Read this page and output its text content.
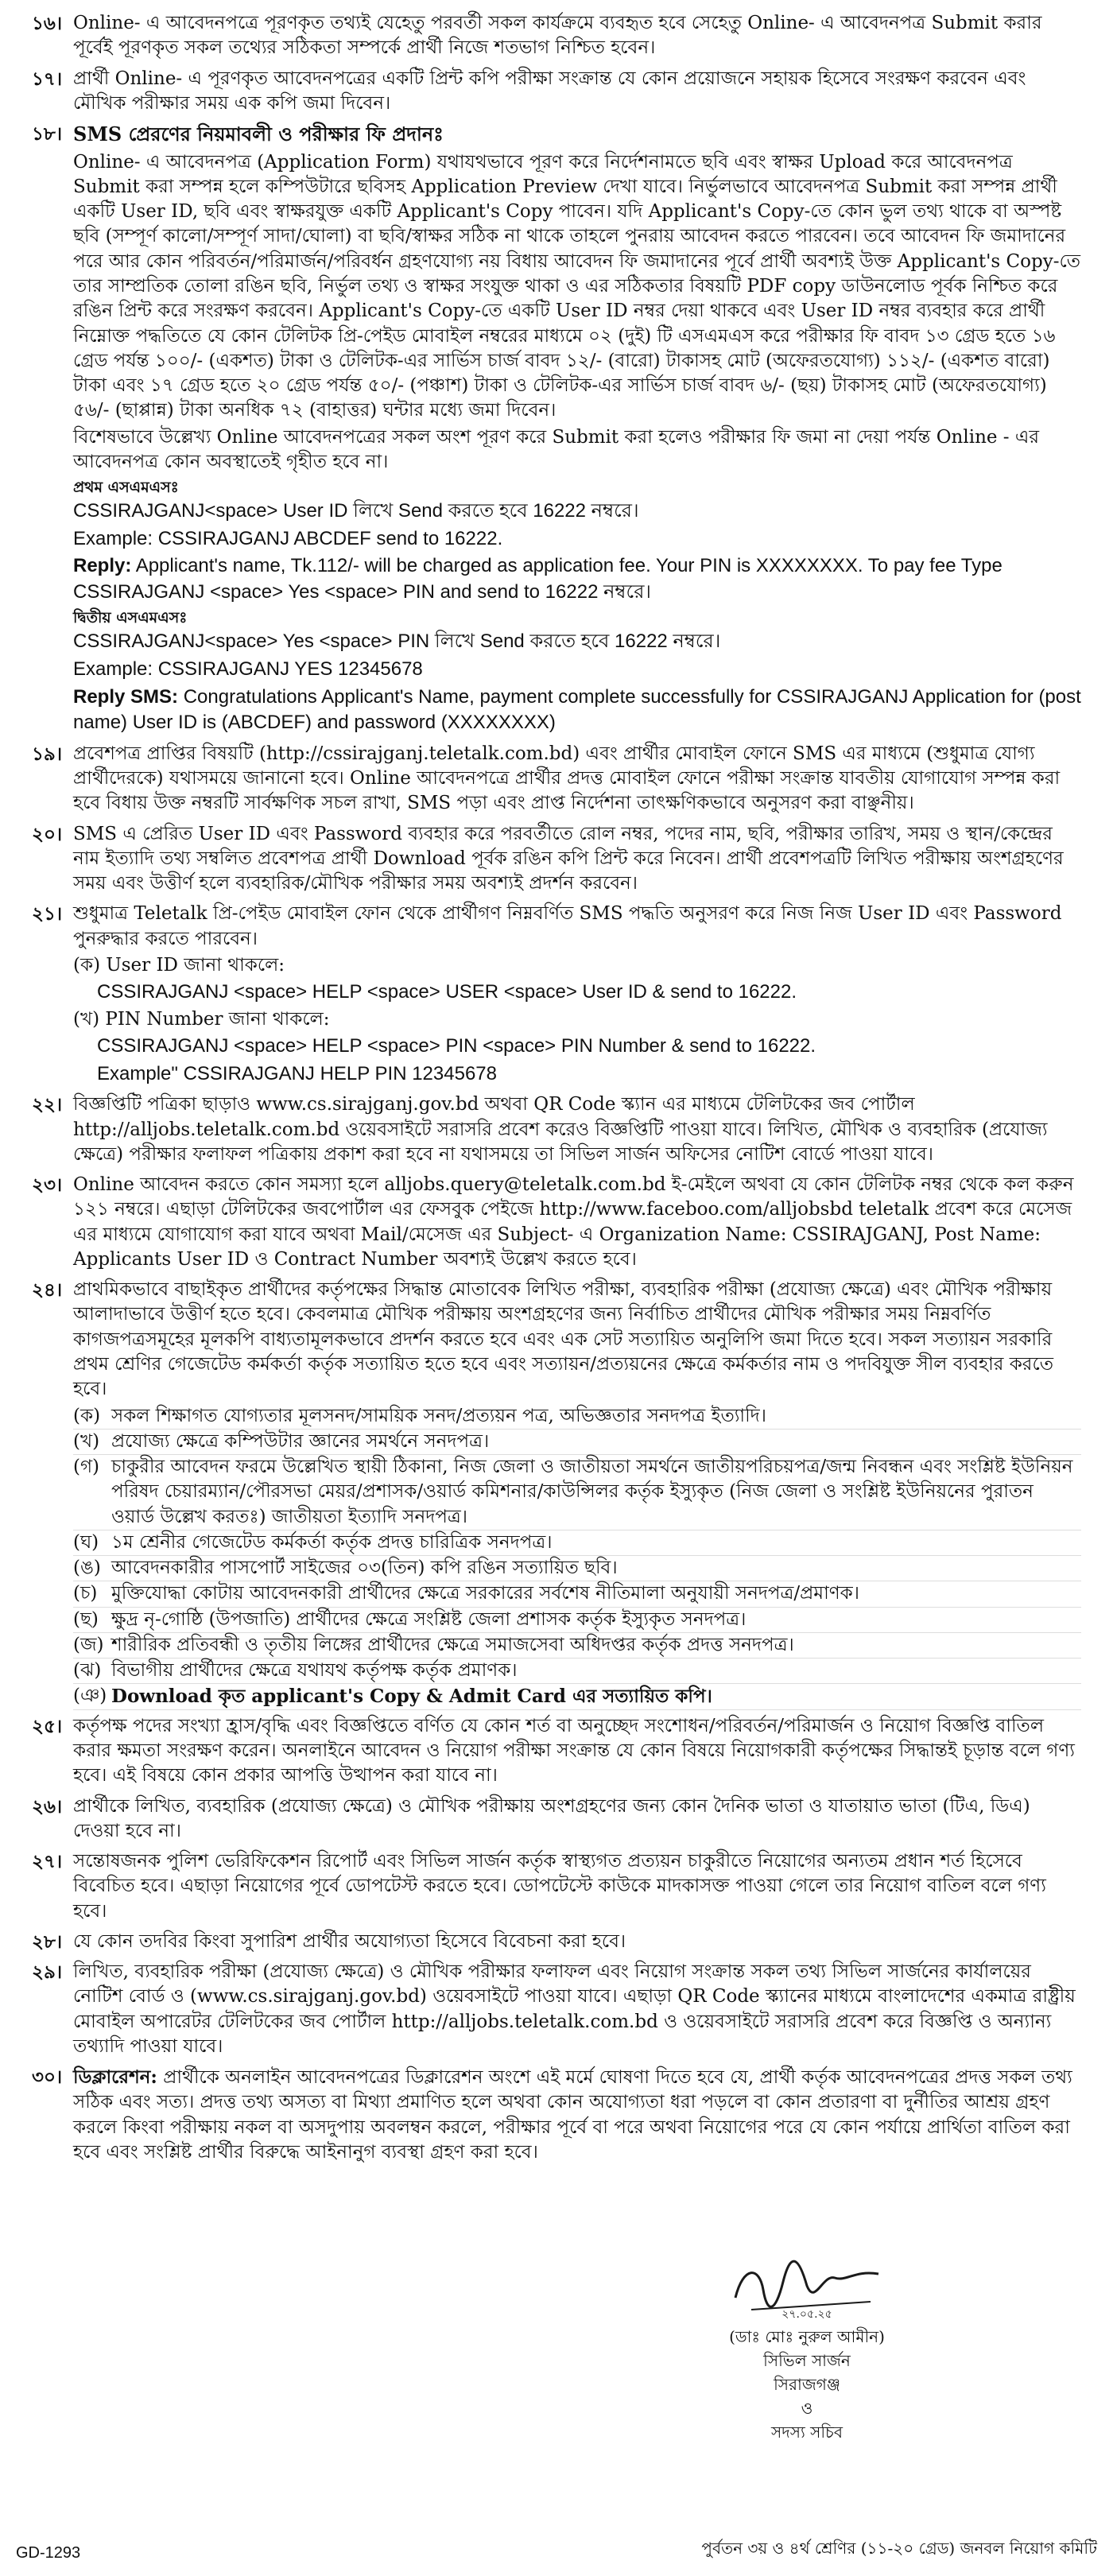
১৬। Online- এ আবেদনপত্রে পূরণকৃত তথ্যই যেহেতু পরবর্তী সকল কার্যক্রমে ব্যবহৃত হবে সেহেতু Online- এ আবেদনপত্র Submit করার পূর্বেই পূরণকৃত সকল তথ্যের সঠিকতা সম্পর্কে প্রার্থী নিজে শতভাগ নিশ্চিত হবেন।

১৭। প্রার্থী Online- এ পূরণকৃত আবেদনপত্রের একটি প্রিন্ট কপি পরীক্ষা সংক্রান্ত যে কোন প্রয়োজনে সহায়ক হিসেবে সংরক্ষণ করবেন এবং মৌখিক পরীক্ষার সময় এক কপি জমা দিবেন।

১৮। SMS প্রেরণের নিয়মাবলী ও পরীক্ষার ফি প্রদানঃ

Online- এ আবেদনপত্র (Application Form) যথাযথভাবে পূরণ করে নির্দেশনামতে ছবি এবং স্বাক্ষর Upload করে আবেদনপত্র Submit করা সম্পন্ন হলে কম্পিউটারে ছবিসহ Application Preview দেখা যাবে। নির্ভুলভাবে আবেদনপত্র Submit করা সম্পন্ন প্রার্থী একটি User ID, ছবি এবং স্বাক্ষরযুক্ত একটি Applicant's Copy পাবেন। যদি Applicant's Copy-তে কোন ভুল তথ্য থাকে বা অস্পষ্ট ছবি (সম্পূর্ণ কালো/সম্পূর্ণ সাদা/ঘোলা) বা ছবি/স্বাক্ষর সঠিক না থাকে তাহলে পুনরায় আবেদন করতে পারবেন। তবে আবেদন ফি জমাদানের পরে আর কোন পরিবর্তন/পরিমার্জন/পরিবর্ধন গ্রহণযোগ্য নয় বিধায় আবেদন ফি জমাদানের পূর্বে প্রার্থী অবশ্যই উক্ত Applicant's Copy-তে তার সাম্প্রতিক তোলা রঙিন ছবি, নির্ভুল তথ্য ও স্বাক্ষর সংযুক্ত থাকা ও এর সঠিকতার বিষয়টি PDF copy ডাউনলোড পূর্বক নিশ্চিত করে রঙিন প্রিন্ট করে সংরক্ষণ করবেন। Applicant's Copy-তে একটি User ID নম্বর দেয়া থাকবে এবং User ID নম্বর ব্যবহার করে প্রার্থী নিম্নোক্ত পদ্ধতিতে যে কোন টেলিটক প্রি-পেইড মোবাইল নম্বরের মাধ্যমে ০২ (দুই) টি এসএমএস করে পরীক্ষার ফি বাবদ ১৩ গ্রেড হতে ১৬ গ্রেড পর্যন্ত ১০০/- (একশত) টাকা ও টেলিটক-এর সার্ভিস চার্জ বাবদ ১২/- (বারো) টাকাসহ মোট (অফেরতযোগ্য) ১১২/- (একশত বারো) টাকা এবং ১৭ গ্রেড হতে ২০ গ্রেড পর্যন্ত ৫০/- (পঞ্চাশ) টাকা ও টেলিটক-এর সার্ভিস চার্জ বাবদ ৬/- (ছয়) টাকাসহ মোট (অফেরতযোগ্য) ৫৬/- (ছাপ্পান্ন) টাকা অনধিক ৭২ (বাহাত্তর) ঘন্টার মধ্যে জমা দিবেন।

বিশেষভাবে উল্লেখ্য Online আবেদনপত্রের সকল অংশ পূরণ করে Submit করা হলেও পরীক্ষার ফি জমা না দেয়া পর্যন্ত Online - এর আবেদনপত্র কোন অবস্থাতেই গৃহীত হবে না।

প্রথম এসএমএসঃ

CSSIRAJGANJ<space> User ID লিখে Send করতে হবে 16222 নম্বরে।

Example: CSSIRAJGANJ ABCDEF send to 16222.

Reply: Applicant's name, Tk.112/- will be charged as application fee. Your PIN is XXXXXXXX. To pay fee Type CSSIRAJGANJ <space> Yes <space> PIN and send to 16222 নম্বরে।

দ্বিতীয় এসএমএসঃ

CSSIRAJGANJ<space> Yes <space> PIN লিখে Send করতে হবে 16222 নম্বরে।

Example: CSSIRAJGANJ YES 12345678

Reply SMS: Congratulations Applicant's Name, payment complete successfully for CSSIRAJGANJ Application for (post name) User ID is (ABCDEF) and password (XXXXXXXX)

১৯। প্রবেশপত্র প্রাপ্তির বিষয়টি (http://cssirajganj.teletalk.com.bd) এবং প্রার্থীর মোবাইল ফোনে SMS এর মাধ্যমে (শুধুমাত্র যোগ্য প্রার্থীদেরকে) যথাসময়ে জানানো হবে। Online আবেদনপত্রে প্রার্থীর প্রদত্ত মোবাইল ফোনে পরীক্ষা সংক্রান্ত যাবতীয় যোগাযোগ সম্পন্ন করা হবে বিধায় উক্ত নম্বরটি সার্বক্ষণিক সচল রাখা, SMS পড়া এবং প্রাপ্ত নির্দেশনা তাৎক্ষণিকভাবে অনুসরণ করা বাঞ্ছনীয়।

২০। SMS এ প্রেরিত User ID এবং Password ব্যবহার করে পরবর্তীতে রোল নম্বর, পদের নাম, ছবি, পরীক্ষার তারিখ, সময় ও স্থান/কেন্দ্রের নাম ইত্যাদি তথ্য সম্বলিত প্রবেশপত্র প্রার্থী Download পূর্বক রঙিন কপি প্রিন্ট করে নিবেন। প্রার্থী প্রবেশপত্রটি লিখিত পরীক্ষায় অংশগ্রহণের সময় এবং উত্তীর্ণ হলে ব্যবহারিক/মৌখিক পরীক্ষার সময় অবশ্যই প্রদর্শন করবেন।

২১। শুধুমাত্র Teletalk প্রি-পেইড মোবাইল ফোন থেকে প্রার্থীগণ নিম্নবর্ণিত SMS পদ্ধতি অনুসরণ করে নিজ নিজ User ID এবং Password পুনরুদ্ধার করতে পারবেন।

(ক) User ID জানা থাকলে:

CSSIRAJGANJ <space> HELP <space> USER <space> User ID & send to 16222.

(খ) PIN Number জানা থাকলে:

CSSIRAJGANJ <space> HELP <space> PIN <space> PIN Number & send to 16222.

Example" CSSIRAJGANJ HELP PIN 12345678

২২। বিজ্ঞপ্তিটি পত্রিকা ছাড়াও www.cs.sirajganj.gov.bd অথবা QR Code স্ক্যান এর মাধ্যমে টেলিটকের জব পোর্টাল http://alljobs.teletalk.com.bd ওয়েবসাইটে সরাসরি প্রবেশ করেও বিজ্ঞপ্তিটি পাওয়া যাবে। লিখিত, মৌখিক ও ব্যবহারিক (প্রযোজ্য ক্ষেত্রে) পরীক্ষার ফলাফল পত্রিকায় প্রকাশ করা হবে না যথাসময়ে তা সিভিল সার্জন অফিসের নোটিশ বোর্ডে পাওয়া যাবে।

২৩। Online আবেদন করতে কোন সমস্যা হলে alljobs.query@teletalk.com.bd ই-মেইলে অথবা যে কোন টেলিটক নম্বর থেকে কল করুন ১২১ নম্বরে। এছাড়া টেলিটকের জবপোর্টাল এর ফেসবুক পেইজে http://www.faceboo.com/alljobsbd teletalk প্রবেশ করে মেসেজ এর মাধ্যমে যোগাযোগ করা যাবে অথবা Mail/মেসেজ এর Subject- এ Organization Name: CSSIRAJGANJ, Post Name: Applicants User ID ও Contract Number অবশ্যই উল্লেখ করতে হবে।

২৪। প্রাথমিকভাবে বাছাইকৃত প্রার্থীদের কর্তৃপক্ষের সিদ্ধান্ত মোতাবেক লিখিত পরীক্ষা, ব্যবহারিক পরীক্ষা (প্রযোজ্য ক্ষেত্রে) এবং মৌখিক পরীক্ষায় আলাদাভাবে উত্তীর্ণ হতে হবে। কেবলমাত্র মৌখিক পরীক্ষায় অংশগ্রহণের জন্য নির্বাচিত প্রার্থীদের মৌখিক পরীক্ষার সময় নিম্নবর্ণিত কাগজপত্রসমূহের মূলকপি বাধ্যতামূলকভাবে প্রদর্শন করতে হবে এবং এক সেট সত্যায়িত অনুলিপি জমা দিতে হবে। সকল সত্যায়ন সরকারি প্রথম শ্রেণির গেজেটেড কর্মকর্তা কর্তৃক সত্যায়িত হতে হবে এবং সত্যায়ন/প্রত্যয়নের ক্ষেত্রে কর্মকর্তার নাম ও পদবিযুক্ত সীল ব্যবহার করতে হবে।

(ক) সকল শিক্ষাগত যোগ্যতার মূলসনদ/সাময়িক সনদ/প্রত্যয়ন পত্র, অভিজ্ঞতার সনদপত্র ইত্যাদি।
(খ) প্রযোজ্য ক্ষেত্রে কম্পিউটার জ্ঞানের সমর্থনে সনদপত্র।
(গ) চাকুরীর আবেদন ফরমে উল্লেখিত স্থায়ী ঠিকানা, নিজ জেলা ও জাতীয়তা সমর্থনে জাতীয়পরিচয়পত্র/জন্ম নিবন্ধন এবং সংশ্লিষ্ট ইউনিয়ন পরিষদ চেয়ারম্যান/পৌরসভা মেয়র/প্রশাসক/ওয়ার্ড কমিশনার/কাউন্সিলর কর্তৃক ইস্যুকৃত (নিজ জেলা ও সংশ্লিষ্ট ইউনিয়নের পুরাতন ওয়ার্ড উল্লেখ করতঃ) জাতীয়তা ইত্যাদি সনদপত্র।
(ঘ) ১ম শ্রেনীর গেজেটেড কর্মকর্তা কর্তৃক প্রদত্ত চারিত্রিক সনদপত্র।
(ঙ) আবেদনকারীর পাসপোর্ট সাইজের ০৩(তিন) কপি রঙিন সত্যায়িত ছবি।
(চ) মুক্তিযোদ্ধা কোটায় আবেদনকারী প্রার্থীদের ক্ষেত্রে সরকারের সর্বশেষ নীতিমালা অনুযায়ী সনদপত্র/প্রমাণক।
(ছ) ক্ষুদ্র নৃ-গোষ্ঠি (উপজাতি) প্রার্থীদের ক্ষেত্রে সংশ্লিষ্ট জেলা প্রশাসক কর্তৃক ইস্যুকৃত সনদপত্র।
(জ) শারীরিক প্রতিবন্ধী ও তৃতীয় লিঙ্গের প্রার্থীদের ক্ষেত্রে সমাজসেবা অধিদপ্তর কর্তৃক প্রদত্ত সনদপত্র।
(ঝ) বিভাগীয় প্রার্থীদের ক্ষেত্রে যথাযথ কর্তৃপক্ষ কর্তৃক প্রমাণক।
(ঞ) Download কৃত applicant's Copy & Admit Card এর সত্যায়িত কপি।
২৫। কর্তৃপক্ষ পদের সংখ্যা হ্রাস/বৃদ্ধি এবং বিজ্ঞপ্তিতে বর্ণিত যে কোন শর্ত বা অনুচ্ছেদ সংশোধন/পরিবর্তন/পরিমার্জন ও নিয়োগ বিজ্ঞপ্তি বাতিল করার ক্ষমতা সংরক্ষণ করেন। অনলাইনে আবেদন ও নিয়োগ পরীক্ষা সংক্রান্ত যে কোন বিষয়ে নিয়োগকারী কর্তৃপক্ষের সিদ্ধান্তই চূড়ান্ত বলে গণ্য হবে। এই বিষয়ে কোন প্রকার আপত্তি উত্থাপন করা যাবে না।

২৬। প্রার্থীকে লিখিত, ব্যবহারিক (প্রযোজ্য ক্ষেত্রে) ও মৌখিক পরীক্ষায় অংশগ্রহণের জন্য কোন দৈনিক ভাতা ও যাতায়াত ভাতা (টিএ, ডিএ) দেওয়া হবে না।

২৭। সন্তোষজনক পুলিশ ভেরিফিকেশন রিপোর্ট এবং সিভিল সার্জন কর্তৃক স্বাস্থ্যগত প্রত্যয়ন চাকুরীতে নিয়োগের অন্যতম প্রধান শর্ত হিসেবে বিবেচিত হবে। এছাড়া নিয়োগের পূর্বে ডোপটেস্ট করতে হবে। ডোপটেস্টে কাউকে মাদকাসক্ত পাওয়া গেলে তার নিয়োগ বাতিল বলে গণ্য হবে।

২৮। যে কোন তদবির কিংবা সুপারিশ প্রার্থীর অযোগ্যতা হিসেবে বিবেচনা করা হবে।

২৯। লিখিত, ব্যবহারিক পরীক্ষা (প্রযোজ্য ক্ষেত্রে) ও মৌখিক পরীক্ষার ফলাফল এবং নিয়োগ সংক্রান্ত সকল তথ্য সিভিল সার্জনের কার্যালয়ের নোটিশ বোর্ড ও (www.cs.sirajganj.gov.bd) ওয়েবসাইটে পাওয়া যাবে। এছাড়া QR Code স্ক্যানের মাধ্যমে বাংলাদেশের একমাত্র রাষ্ট্রীয় মোবাইল অপারেটর টেলিটকের জব পোর্টাল http://alljobs.teletalk.com.bd ও ওয়েবসাইটে সরাসরি প্রবেশ করে বিজ্ঞপ্তি ও অন্যান্য তথ্যাদি পাওয়া যাবে।

৩০। ডিক্লারেশন: প্রার্থীকে অনলাইন আবেদনপত্রের ডিক্লারেশন অংশে এই মর্মে ঘোষণা দিতে হবে যে, প্রার্থী কর্তৃক আবেদনপত্রের প্রদত্ত সকল তথ্য সঠিক এবং সত্য। প্রদত্ত তথ্য অসত্য বা মিথ্যা প্রমাণিত হলে অথবা কোন অযোগ্যতা ধরা পড়লে বা কোন প্রতারণা বা দুর্নীতির আশ্রয় গ্রহণ করলে কিংবা পরীক্ষায় নকল বা অসদুপায় অবলম্বন করলে, পরীক্ষার পূর্বে বা পরে অথবা নিয়োগের পরে যে কোন পর্যায়ে প্রার্থিতা বাতিল করা হবে এবং সংশ্লিষ্ট প্রার্থীর বিরুদ্ধে আইনানুগ ব্যবস্থা গ্রহণ করা হবে।

২৭.০৫.২৫

(ডাঃ মোঃ নুরুল আমীন)

সিভিল সার্জন

সিরাজগঞ্জ

ও

সদস্য সচিব

GD-1293	পুর্বতন ৩য় ও ৪র্থ শ্রেণির (১১-২০ গ্রেড) জনবল নিয়োগ কমিটি
